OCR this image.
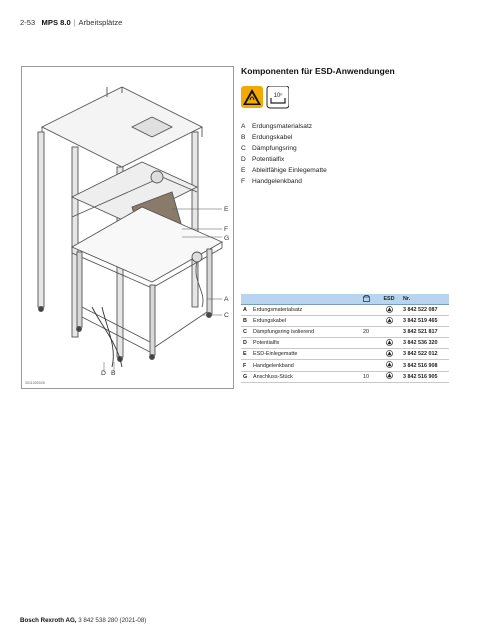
2-53 MPS 8.0 | Arbeitsplätze
E
F
G
A
C
D B
3011000028
Komponenten für ESD-Anwendungen
10ⁿ
A Erdungsmaterialsatz
B Erdungskabel
C Dämpfungsring
D Potentialfix
E Ableitfähige Einlegematte
F Handgelenkband
			ESD	Nr.
A	Erdungsmaterialsatz			3 842 522 087
B	Erdungskabel			3 842 519 465
C	Dämpfungsring isolierend	20		3 842 521 817
D	Potentialfix			3 842 536 320
E	ESD-Einlegematte			3 842 522 012
F	Handgelenkband			3 842 516 908
G	Anschluss-Stück	10		3 842 516 905
Bosch Rexroth AG, 3 842 538 280 (2021-08)
